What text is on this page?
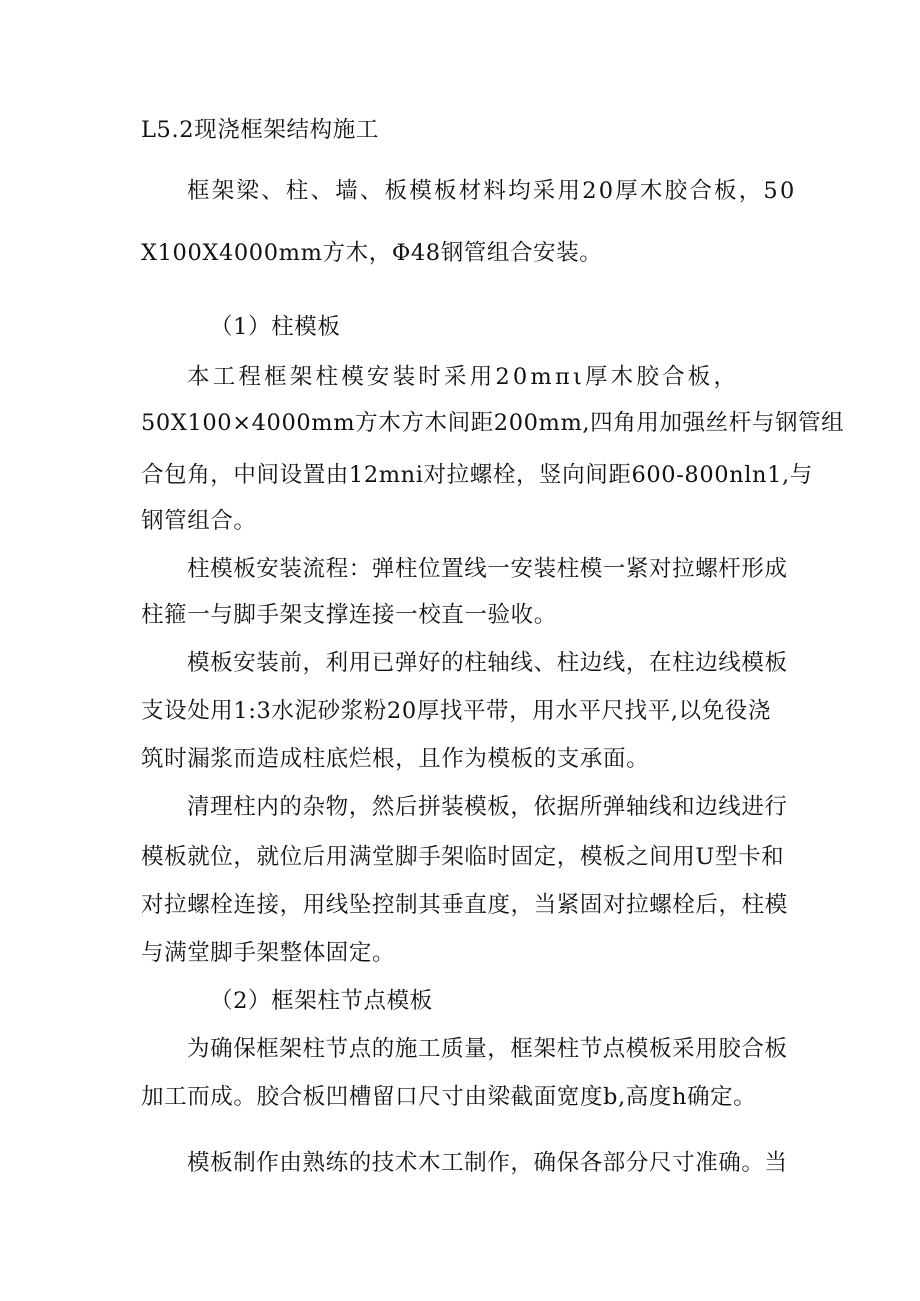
L5.2现浇框架结构施工
框架梁、柱、墙、板模板材料均采用20厚木胶合板，50
X100X4000mm方木，Φ48钢管组合安装。
（1）柱模板
本工程框架柱模安装时采用20mπι厚木胶合板，
50X100×4000mm方木方木间距200mm,四角用加强丝杆与钢管组
合包角，中间设置由12mni对拉螺栓，竖向间距600-800nln1,与
钢管组合。
柱模板安装流程：弹柱位置线一安装柱模一紧对拉螺杆形成
柱箍一与脚手架支撑连接一校直一验收。
模板安装前，利用已弹好的柱轴线、柱边线，在柱边线模板
支设处用1:3水泥砂浆粉20厚找平带，用水平尺找平,以免役浇
筑时漏浆而造成柱底烂根，且作为模板的支承面。
清理柱内的杂物，然后拼装模板，依据所弹轴线和边线进行
模板就位，就位后用满堂脚手架临时固定，模板之间用U型卡和
对拉螺栓连接，用线坠控制其垂直度，当紧固对拉螺栓后，柱模
与满堂脚手架整体固定。
（2）框架柱节点模板
为确保框架柱节点的施工质量，框架柱节点模板采用胶合板
加工而成。胶合板凹槽留口尺寸由梁截面宽度b,高度h确定。
模板制作由熟练的技术木工制作，确保各部分尺寸准确。当
